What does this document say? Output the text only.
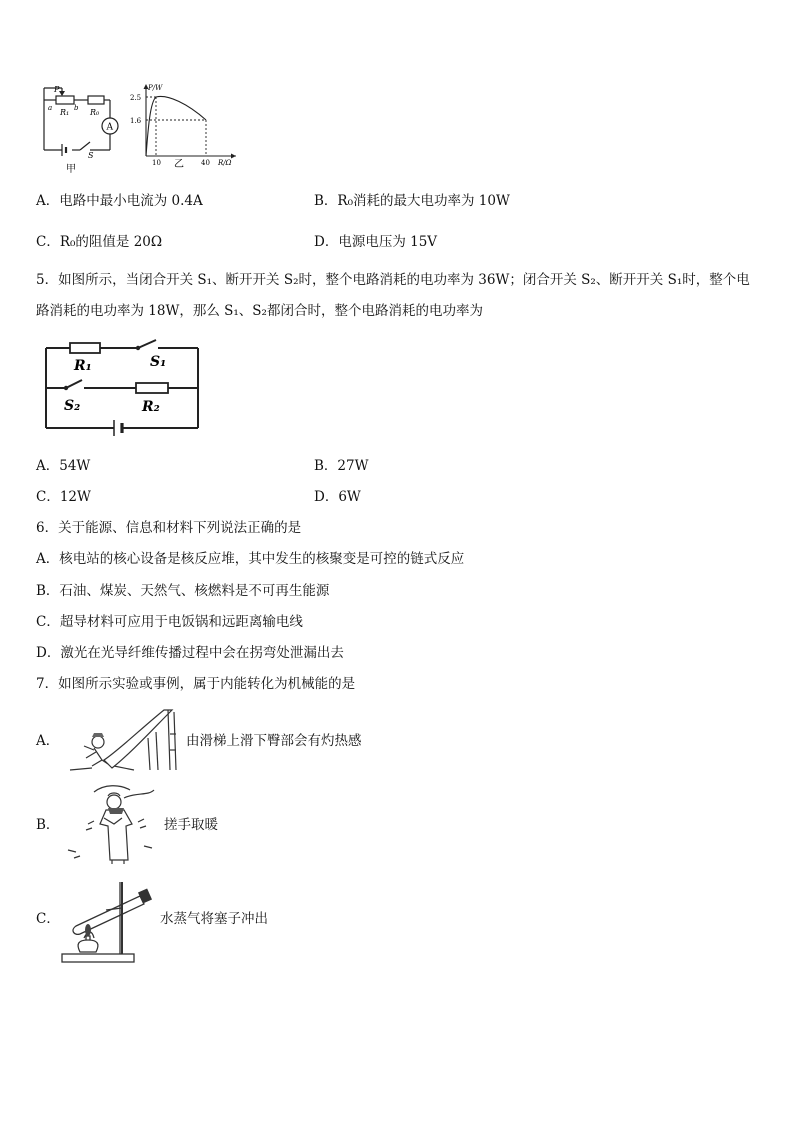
P
a	b
R₁	R₀
A
S
甲
P/W
2.5
1.6
10	40
乙	R/Ω
A．电路中最小电流为 0.4A	B．R₀消耗的最大电功率为 10W
C．R₀的阻值是 20Ω	D．电源电压为 15V
5．如图所示，当闭合开关 S₁、断开开关 S₂时，整个电路消耗的电功率为 36W；闭合开关 S₂、断开开关 S₁时，整个电
路消耗的电功率为 18W，那么 S₁、S₂都闭合时，整个电路消耗的电功率为
R₁	S₁
S₂	R₂
A．54W	B．27W
C．12W	D．6W
6．关于能源、信息和材料下列说法正确的是
A．核电站的核心设备是核反应堆，其中发生的核聚变是可控的链式反应
B．石油、煤炭、天然气、核燃料是不可再生能源
C．超导材料可应用于电饭锅和远距离输电线
D．激光在光导纤维传播过程中会在拐弯处泄漏出去
7．如图所示实验或事例，属于内能转化为机械能的是
A．	由滑梯上滑下臀部会有灼热感
B．	搓手取暖
C．	水蒸气将塞子冲出
